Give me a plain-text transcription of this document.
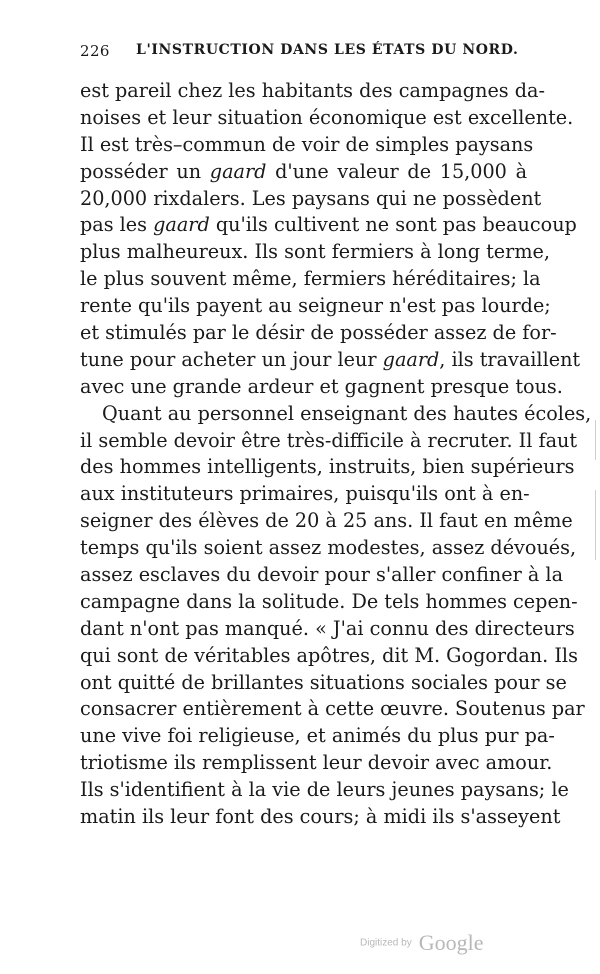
226 L'INSTRUCTION DANS LES ÉTATS DU NORD.
est pareil chez les habitants des campagnes da-
noises et leur situation économique est excellente.
Il est très–commun de voir de simples paysans
posséder un gaard d'une valeur de 15,000 à
20,000 rixdalers. Les paysans qui ne possèdent
pas les gaard qu'ils cultivent ne sont pas beaucoup
plus malheureux. Ils sont fermiers à long terme,
le plus souvent même, fermiers héréditaires; la
rente qu'ils payent au seigneur n'est pas lourde;
et stimulés par le désir de posséder assez de for-
tune pour acheter un jour leur gaard, ils travaillent
avec une grande ardeur et gagnent presque tous.
Quant au personnel enseignant des hautes écoles,
il semble devoir être très-difficile à recruter. Il faut
des hommes intelligents, instruits, bien supérieurs
aux instituteurs primaires, puisqu'ils ont à en-
seigner des élèves de 20 à 25 ans. Il faut en même
temps qu'ils soient assez modestes, assez dévoués,
assez esclaves du devoir pour s'aller confiner à la
campagne dans la solitude. De tels hommes cepen-
dant n'ont pas manqué. « J'ai connu des directeurs
qui sont de véritables apôtres, dit M. Gogordan. Ils
ont quitté de brillantes situations sociales pour se
consacrer entièrement à cette œuvre. Soutenus par
une vive foi religieuse, et animés du plus pur pa-
triotisme ils remplissent leur devoir avec amour.
Ils s'identifient à la vie de leurs jeunes paysans; le
matin ils leur font des cours; à midi ils s'asseyent
Digitized by Google
